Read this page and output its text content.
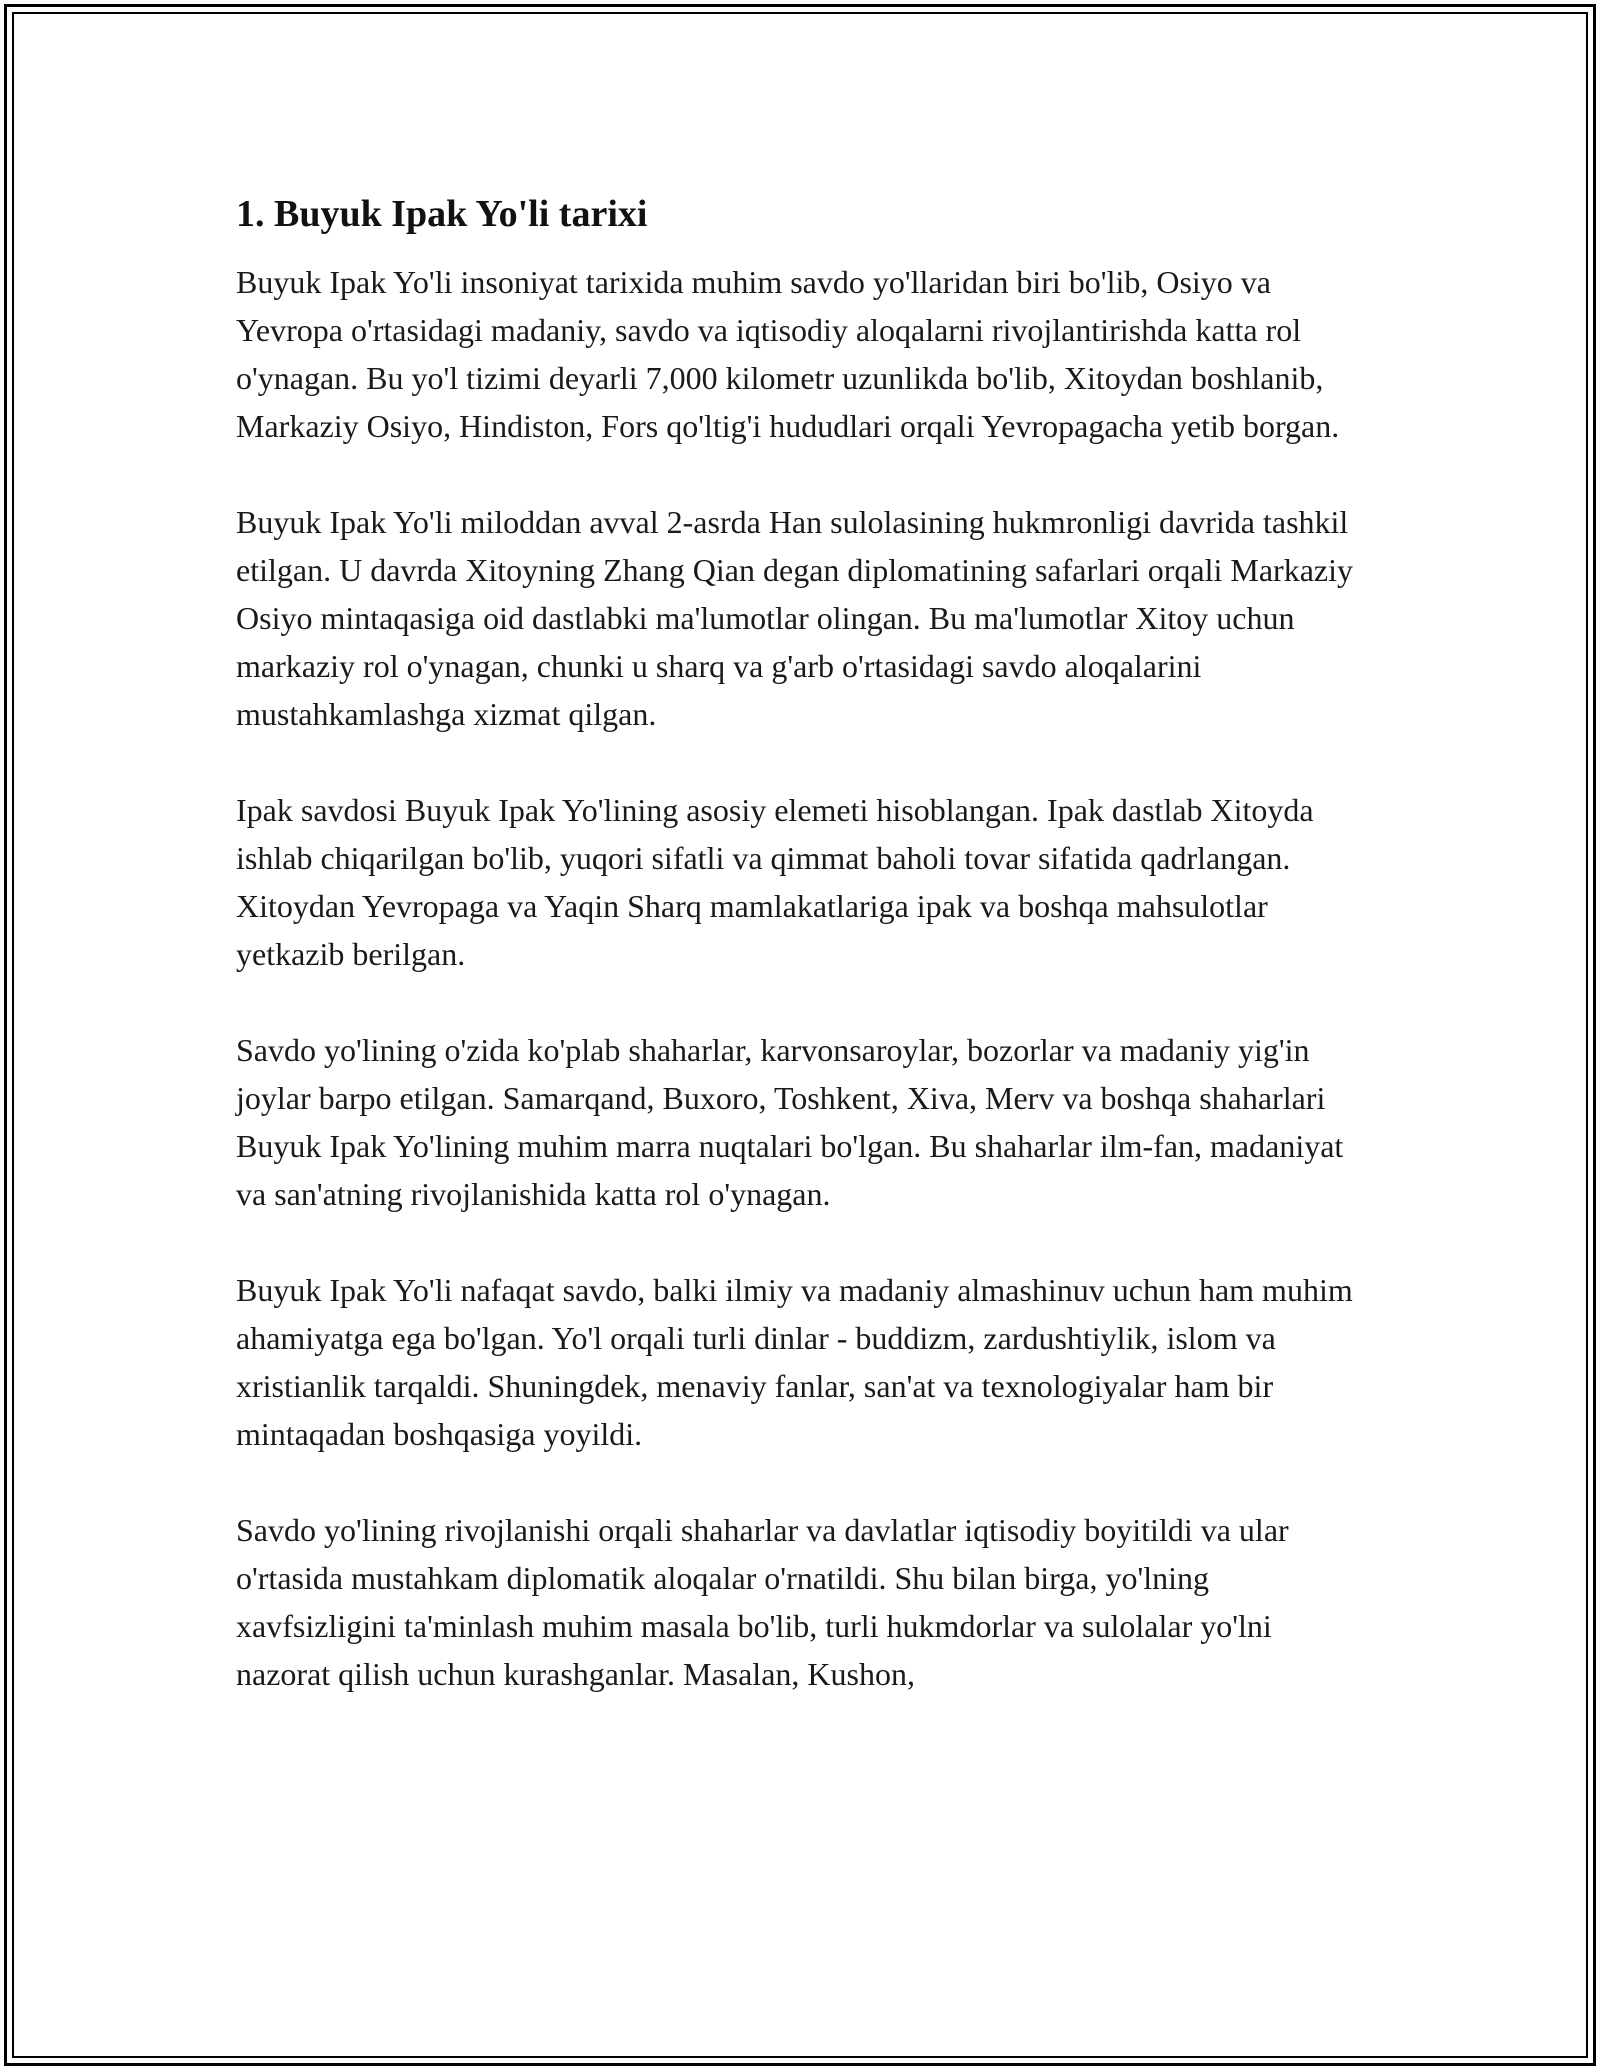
1. Buyuk Ipak Yo'li tarixi

Buyuk Ipak Yo'li insoniyat tarixida muhim savdo yo'llaridan biri bo'lib, Osiyo va Yevropa o'rtasidagi madaniy, savdo va iqtisodiy aloqalarni rivojlantirishda katta rol o'ynagan. Bu yo'l tizimi deyarli 7,000 kilometr uzunlikda bo'lib, Xitoydan boshlanib, Markaziy Osiyo, Hindiston, Fors qo'ltig'i hududlari orqali Yevropagacha yetib borgan.

Buyuk Ipak Yo'li miloddan avval 2-asrda Han sulolasining hukmronligi davrida tashkil etilgan. U davrda Xitoyning Zhang Qian degan diplomatining safarlari orqali Markaziy Osiyo mintaqasiga oid dastlabki ma'lumotlar olingan. Bu ma'lumotlar Xitoy uchun markaziy rol o'ynagan, chunki u sharq va g'arb o'rtasidagi savdo aloqalarini mustahkamlashga xizmat qilgan.

Ipak savdosi Buyuk Ipak Yo'lining asosiy elemeti hisoblangan. Ipak dastlab Xitoyda ishlab chiqarilgan bo'lib, yuqori sifatli va qimmat baholi tovar sifatida qadrlangan. Xitoydan Yevropaga va Yaqin Sharq mamlakatlariga ipak va boshqa mahsulotlar yetkazib berilgan.

Savdo yo'lining o'zida ko'plab shaharlar, karvonsaroylar, bozorlar va madaniy yig'in joylar barpo etilgan. Samarqand, Buxoro, Toshkent, Xiva, Merv va boshqa shaharlari Buyuk Ipak Yo'lining muhim marra nuqtalari bo'lgan. Bu shaharlar ilm-fan, madaniyat va san'atning rivojlanishida katta rol o'ynagan.

Buyuk Ipak Yo'li nafaqat savdo, balki ilmiy va madaniy almashinuv uchun ham muhim ahamiyatga ega bo'lgan. Yo'l orqali turli dinlar - buddizm, zardushtiylik, islom va xristianlik tarqaldi. Shuningdek, menaviy fanlar, san'at va texnologiyalar ham bir mintaqadan boshqasiga yoyildi.

Savdo yo'lining rivojlanishi orqali shaharlar va davlatlar iqtisodiy boyitildi va ular o'rtasida mustahkam diplomatik aloqalar o'rnatildi. Shu bilan birga, yo'lning xavfsizligini ta'minlash muhim masala bo'lib, turli hukmdorlar va sulolalar yo'lni nazorat qilish uchun kurashganlar. Masalan, Kushon,
